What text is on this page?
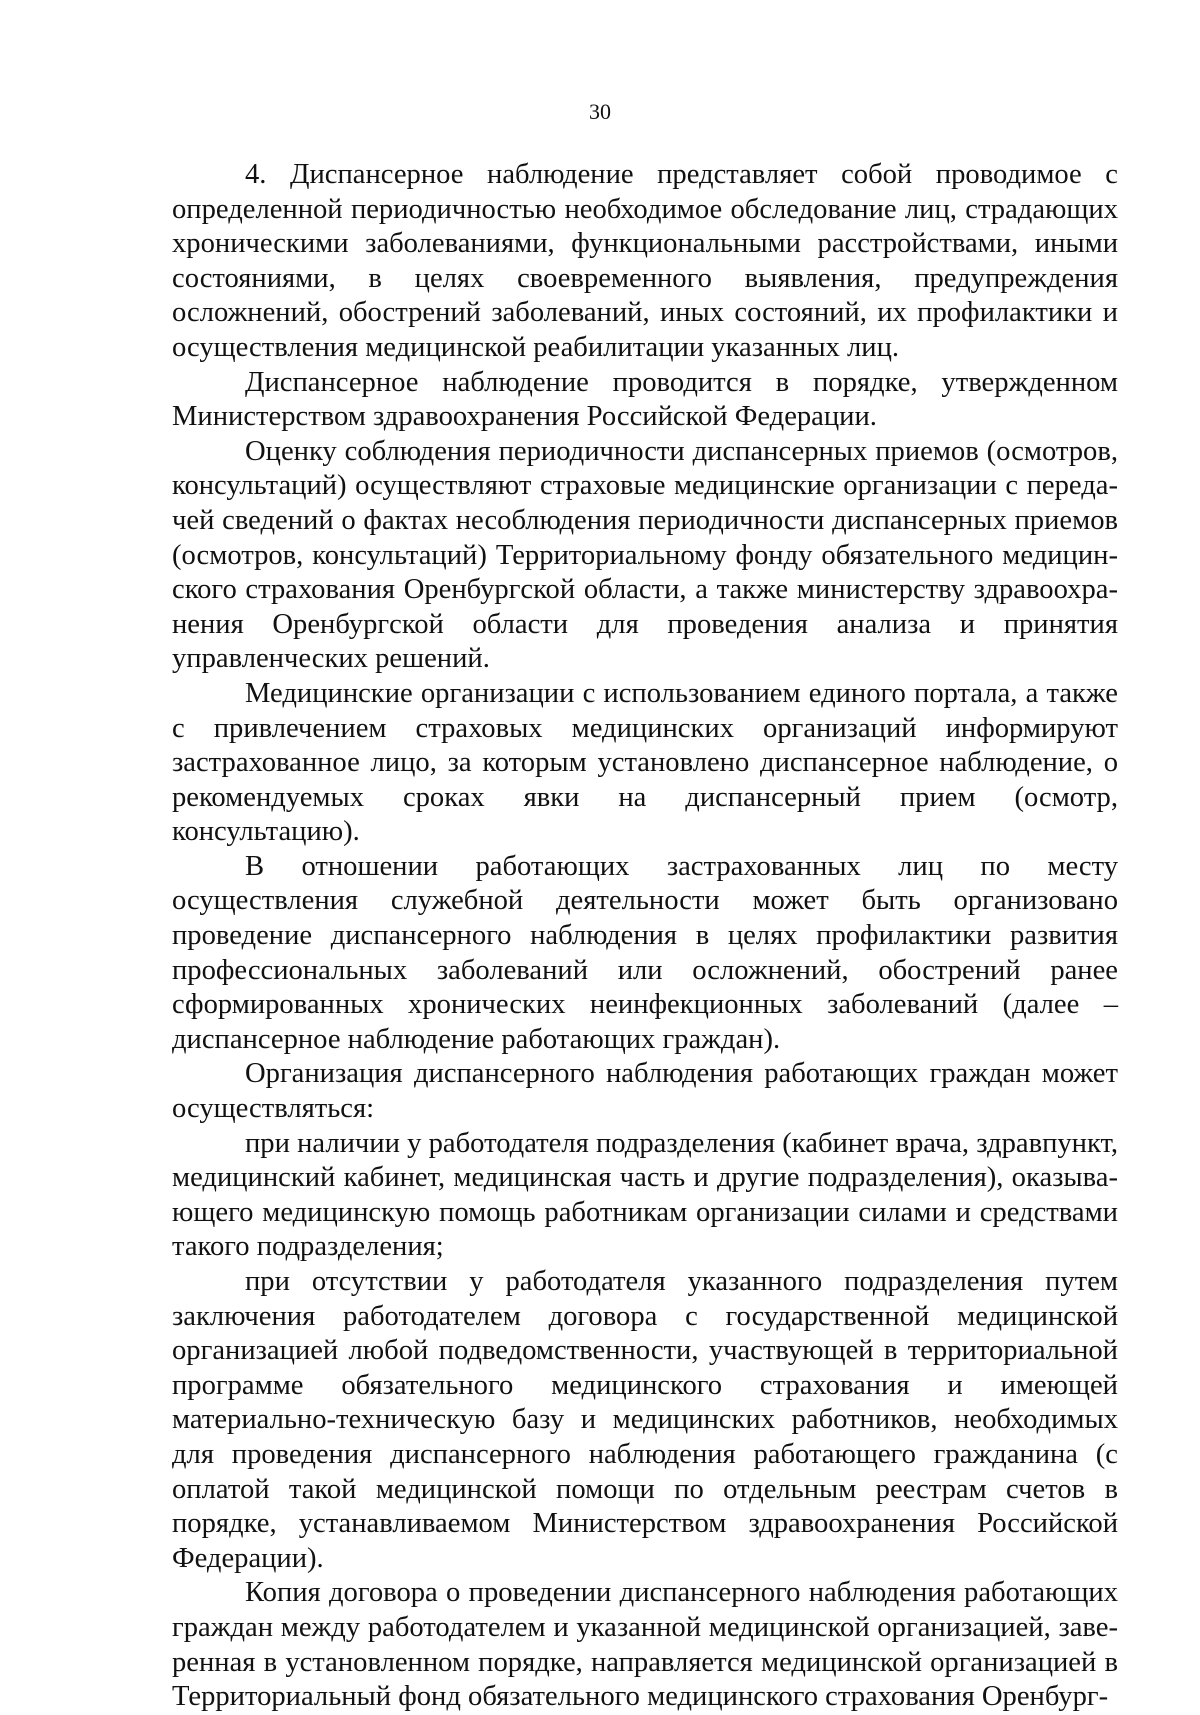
30

4. Диспансерное наблюдение представляет собой проводимое с определенной периодичностью необходимое обследование лиц, страдающих хроническими заболеваниями, функциональными расстройствами, иными состояниями, в целях своевременного выявления, предупреждения осложнений, обострений заболеваний, иных состояний, их профилактики и осуществления медицинской реабилитации указанных лиц.

Диспансерное наблюдение проводится в порядке, утвержденном Министерством здравоохранения Российской Федерации.

Оценку соблюдения периодичности диспансерных приемов (осмотров, консультаций) осуществляют страховые медицинские организации с передачей сведений о фактах несоблюдения периодичности диспансерных приемов (осмотров, консультаций) Территориальному фонду обязательного медицинского страхования Оренбургской области, а также министерству здравоохранения Оренбургской области для проведения анализа и принятия управленческих решений.

Медицинские организации с использованием единого портала, а также с привлечением страховых медицинских организаций информируют застрахованное лицо, за которым установлено диспансерное наблюдение, о рекомендуемых сроках явки на диспансерный прием (осмотр, консультацию).

В отношении работающих застрахованных лиц по месту осуществления служебной деятельности может быть организовано проведение диспансерного наблюдения в целях профилактики развития профессиональных заболеваний или осложнений, обострений ранее сформированных хронических неинфекционных заболеваний (далее – диспансерное наблюдение работающих граждан).

Организация диспансерного наблюдения работающих граждан может осуществляться:

при наличии у работодателя подразделения (кабинет врача, здравпункт, медицинский кабинет, медицинская часть и другие подразделения), оказывающего медицинскую помощь работникам организации силами и средствами такого подразделения;

при отсутствии у работодателя указанного подразделения путем заключения работодателем договора с государственной медицинской организацией любой подведомственности, участвующей в территориальной программе обязательного медицинского страхования и имеющей материально-техническую базу и медицинских работников, необходимых для проведения диспансерного наблюдения работающего гражданина (с оплатой такой медицинской помощи по отдельным реестрам счетов в порядке, устанавливаемом Министерством здравоохранения Российской Федерации).

Копия договора о проведении диспансерного наблюдения работающих граждан между работодателем и указанной медицинской организацией, заверенная в установленном порядке, направляется медицинской организацией в Территориальный фонд обязательного медицинского страхования Оренбург-
